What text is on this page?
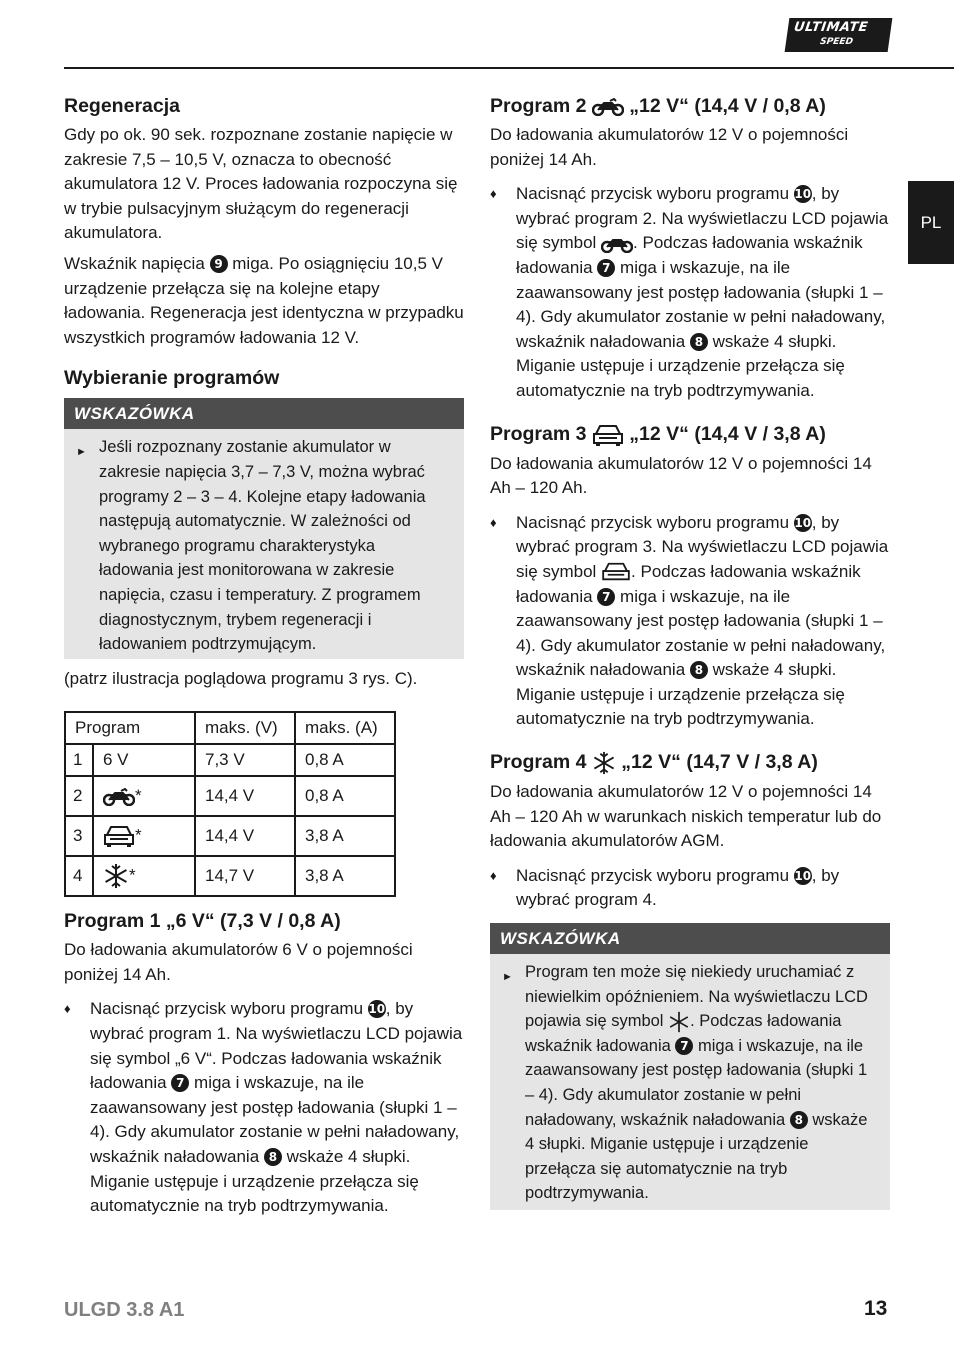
ULTIMATE
SPEED
PL
Regeneracja

Gdy po ok. 90 sek. rozpoznane zostanie napięcie w zakresie 7,5 – 10,5 V, oznacza to obecność akumulatora 12 V. Proces ładowania rozpoczyna się w trybie pulsacyjnym służącym do regeneracji akumulatora.

Wskaźnik napięcia 9 miga. Po osiągnięciu 10,5 V urządzenie przełącza się na kolejne etapy ładowania. Regeneracja jest identyczna w przypadku wszystkich programów ładowania 12 V.

Wybieranie programów
WSKAZÓWKA
► Jeśli rozpoznany zostanie akumulator w zakresie napięcia 3,7 – 7,3 V, można wybrać programy 2 – 3 – 4. Kolejne etapy ładowania następują automatycznie. W zależności od wybranego programu charakterystyka ładowania jest monitorowana w zakresie napięcia, czasu i temperatury. Z programem diagnostycznym, trybem regeneracji i ładowaniem podtrzymującym.

(patrz ilustracja poglądowa programu 3 rys. C).

Program		maks. (V)	maks. (A)
1	6 V	7,3 V	0,8 A
2	*	14,4 V	0,8 A
3	*	14,4 V	3,8 A
4	*	14,7 V	3,8 A
Program 1 „6 V“ (7,3 V / 0,8 A)

Do ładowania akumulatorów 6 V o pojemności poniżej 14 Ah.

♦ Nacisnąć przycisk wyboru programu 10, by wybrać program 1. Na wyświetlaczu LCD pojawia się symbol „6 V“. Podczas ładowania wskaźnik ładowania 7 miga i wskazuje, na ile zaawansowany jest postęp ładowania (słupki 1 – 4). Gdy akumulator zostanie w pełni naładowany, wskaźnik naładowania 8 wskaże 4 słupki. Miganie ustępuje i urządzenie przełącza się automatycznie na tryb podtrzymywania.
Program 2 „12 V“ (14,4 V / 0,8 A)

Do ładowania akumulatorów 12 V o pojemności poniżej 14 Ah.

♦ Nacisnąć przycisk wyboru programu 10, by wybrać program 2. Na wyświetlaczu LCD pojawia się symbol . Podczas ładowania wskaźnik ładowania 7 miga i wskazuje, na ile zaawansowany jest postęp ładowania (słupki 1 – 4). Gdy akumulator zostanie w pełni naładowany, wskaźnik naładowania 8 wskaże 4 słupki. Miganie ustępuje i urządzenie przełącza się automatycznie na tryb podtrzymywania.
Program 3 „12 V“ (14,4 V / 3,8 A)

Do ładowania akumulatorów 12 V o pojemności 14 Ah – 120 Ah.

♦ Nacisnąć przycisk wyboru programu 10, by wybrać program 3. Na wyświetlaczu LCD pojawia się symbol . Podczas ładowania wskaźnik ładowania 7 miga i wskazuje, na ile zaawansowany jest postęp ładowania (słupki 1 – 4). Gdy akumulator zostanie w pełni naładowany, wskaźnik naładowania 8 wskaże 4 słupki. Miganie ustępuje i urządzenie przełącza się automatycznie na tryb podtrzymywania.
Program 4 „12 V“ (14,7 V / 3,8 A)

Do ładowania akumulatorów 12 V o pojemności 14 Ah – 120 Ah w warunkach niskich temperatur lub do ładowania akumulatorów AGM.

♦ Nacisnąć przycisk wyboru programu 10, by wybrać program 4.
WSKAZÓWKA
► Program ten może się niekiedy uruchamiać z niewielkim opóźnieniem. Na wyświetlaczu LCD pojawia się symbol . Podczas ładowania wskaźnik ładowania 7 miga i wskazuje, na ile zaawansowany jest postęp ładowania (słupki 1 – 4). Gdy akumulator zostanie w pełni naładowany, wskaźnik naładowania 8 wskaże 4 słupki. Miganie ustępuje i urządzenie przełącza się automatycznie na tryb podtrzymywania.
ULGD 3.8 A1	13
